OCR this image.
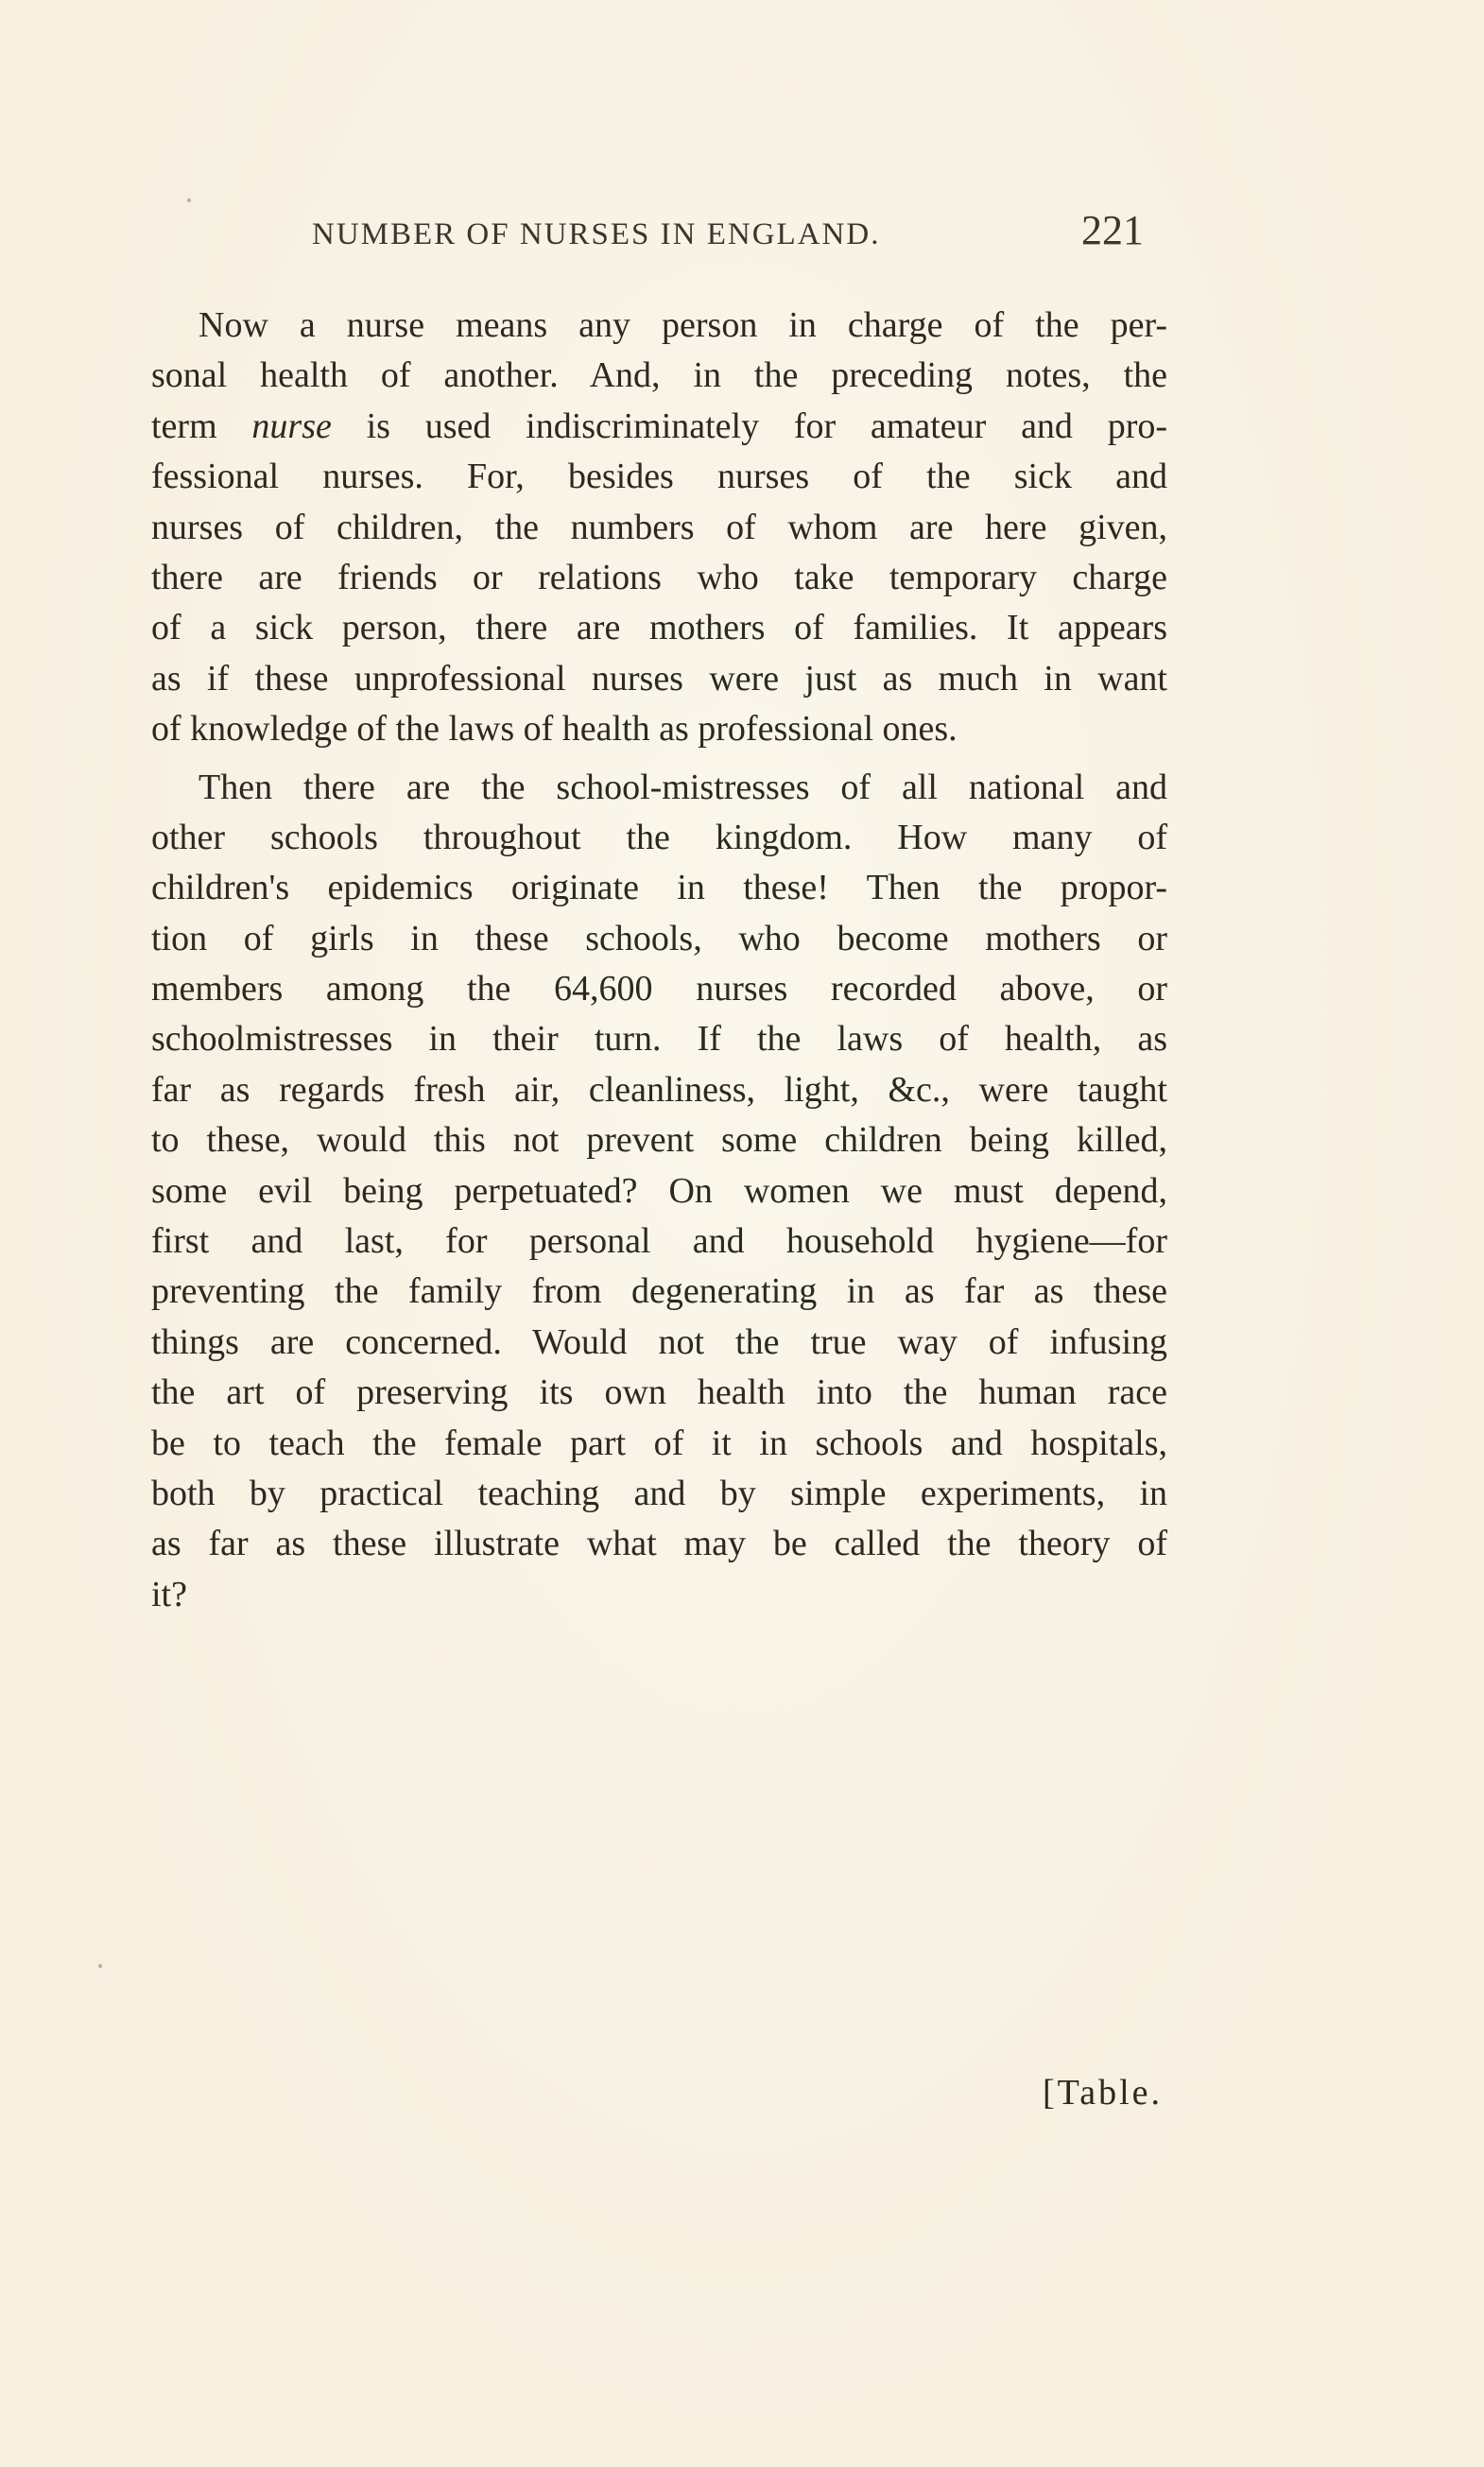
NUMBER OF NURSES IN ENGLAND.	221
Now a nurse means any person in charge of the per-
sonal health of another. And, in the preceding notes, the
term nurse is used indiscriminately for amateur and pro-
fessional nurses. For, besides nurses of the sick and
nurses of children, the numbers of whom are here given,
there are friends or relations who take temporary charge
of a sick person, there are mothers of families. It appears
as if these unprofessional nurses were just as much in want
of knowledge of the laws of health as professional ones.
Then there are the school-mistresses of all national and
other schools throughout the kingdom. How many of
children's epidemics originate in these! Then the propor-
tion of girls in these schools, who become mothers or
members among the 64,600 nurses recorded above, or
schoolmistresses in their turn. If the laws of health, as
far as regards fresh air, cleanliness, light, &c., were taught
to these, would this not prevent some children being killed,
some evil being perpetuated? On women we must depend,
first and last, for personal and household hygiene—for
preventing the family from degenerating in as far as these
things are concerned. Would not the true way of infusing
the art of preserving its own health into the human race
be to teach the female part of it in schools and hospitals,
both by practical teaching and by simple experiments, in
as far as these illustrate what may be called the theory of
it?
[Table.
